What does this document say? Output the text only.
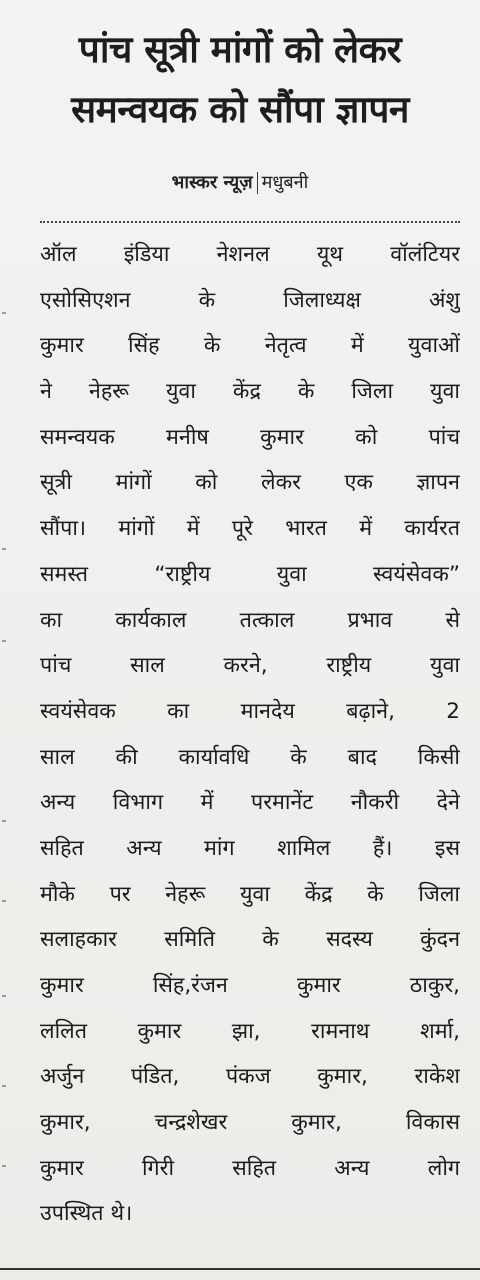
पांच सूत्री मांगों को लेकर
समन्वयक को सौंपा ज्ञापन
भास्कर न्यूज़ मधुबनी
ऑल इंडिया नेशनल यूथ वॉलंटियर
एसोसिएशन के जिलाध्यक्ष अंशु
कुमार सिंह के नेतृत्व में युवाओं
ने नेहरू युवा केंद्र के जिला युवा
समन्वयक मनीष कुमार को पांच
सूत्री मांगों को लेकर एक ज्ञापन
सौंपा। मांगों में पूरे भारत में कार्यरत
समस्त “राष्ट्रीय युवा स्वयंसेवक”
का कार्यकाल तत्काल प्रभाव से
पांच साल करने, राष्ट्रीय युवा
स्वयंसेवक का मानदेय बढ़ाने, 2
साल की कार्यावधि के बाद किसी
अन्य विभाग में परमानेंट नौकरी देने
सहित अन्य मांग शामिल हैं। इस
मौके पर नेहरू युवा केंद्र के जिला
सलाहकार समिति के सदस्य कुंदन
कुमार सिंह,रंजन कुमार ठाकुर,
ललित कुमार झा, रामनाथ शर्मा,
अर्जुन पंडित, पंकज कुमार, राकेश
कुमार, चन्द्रशेखर कुमार, विकास
कुमार गिरी सहित अन्य लोग
उपस्थित थे।
